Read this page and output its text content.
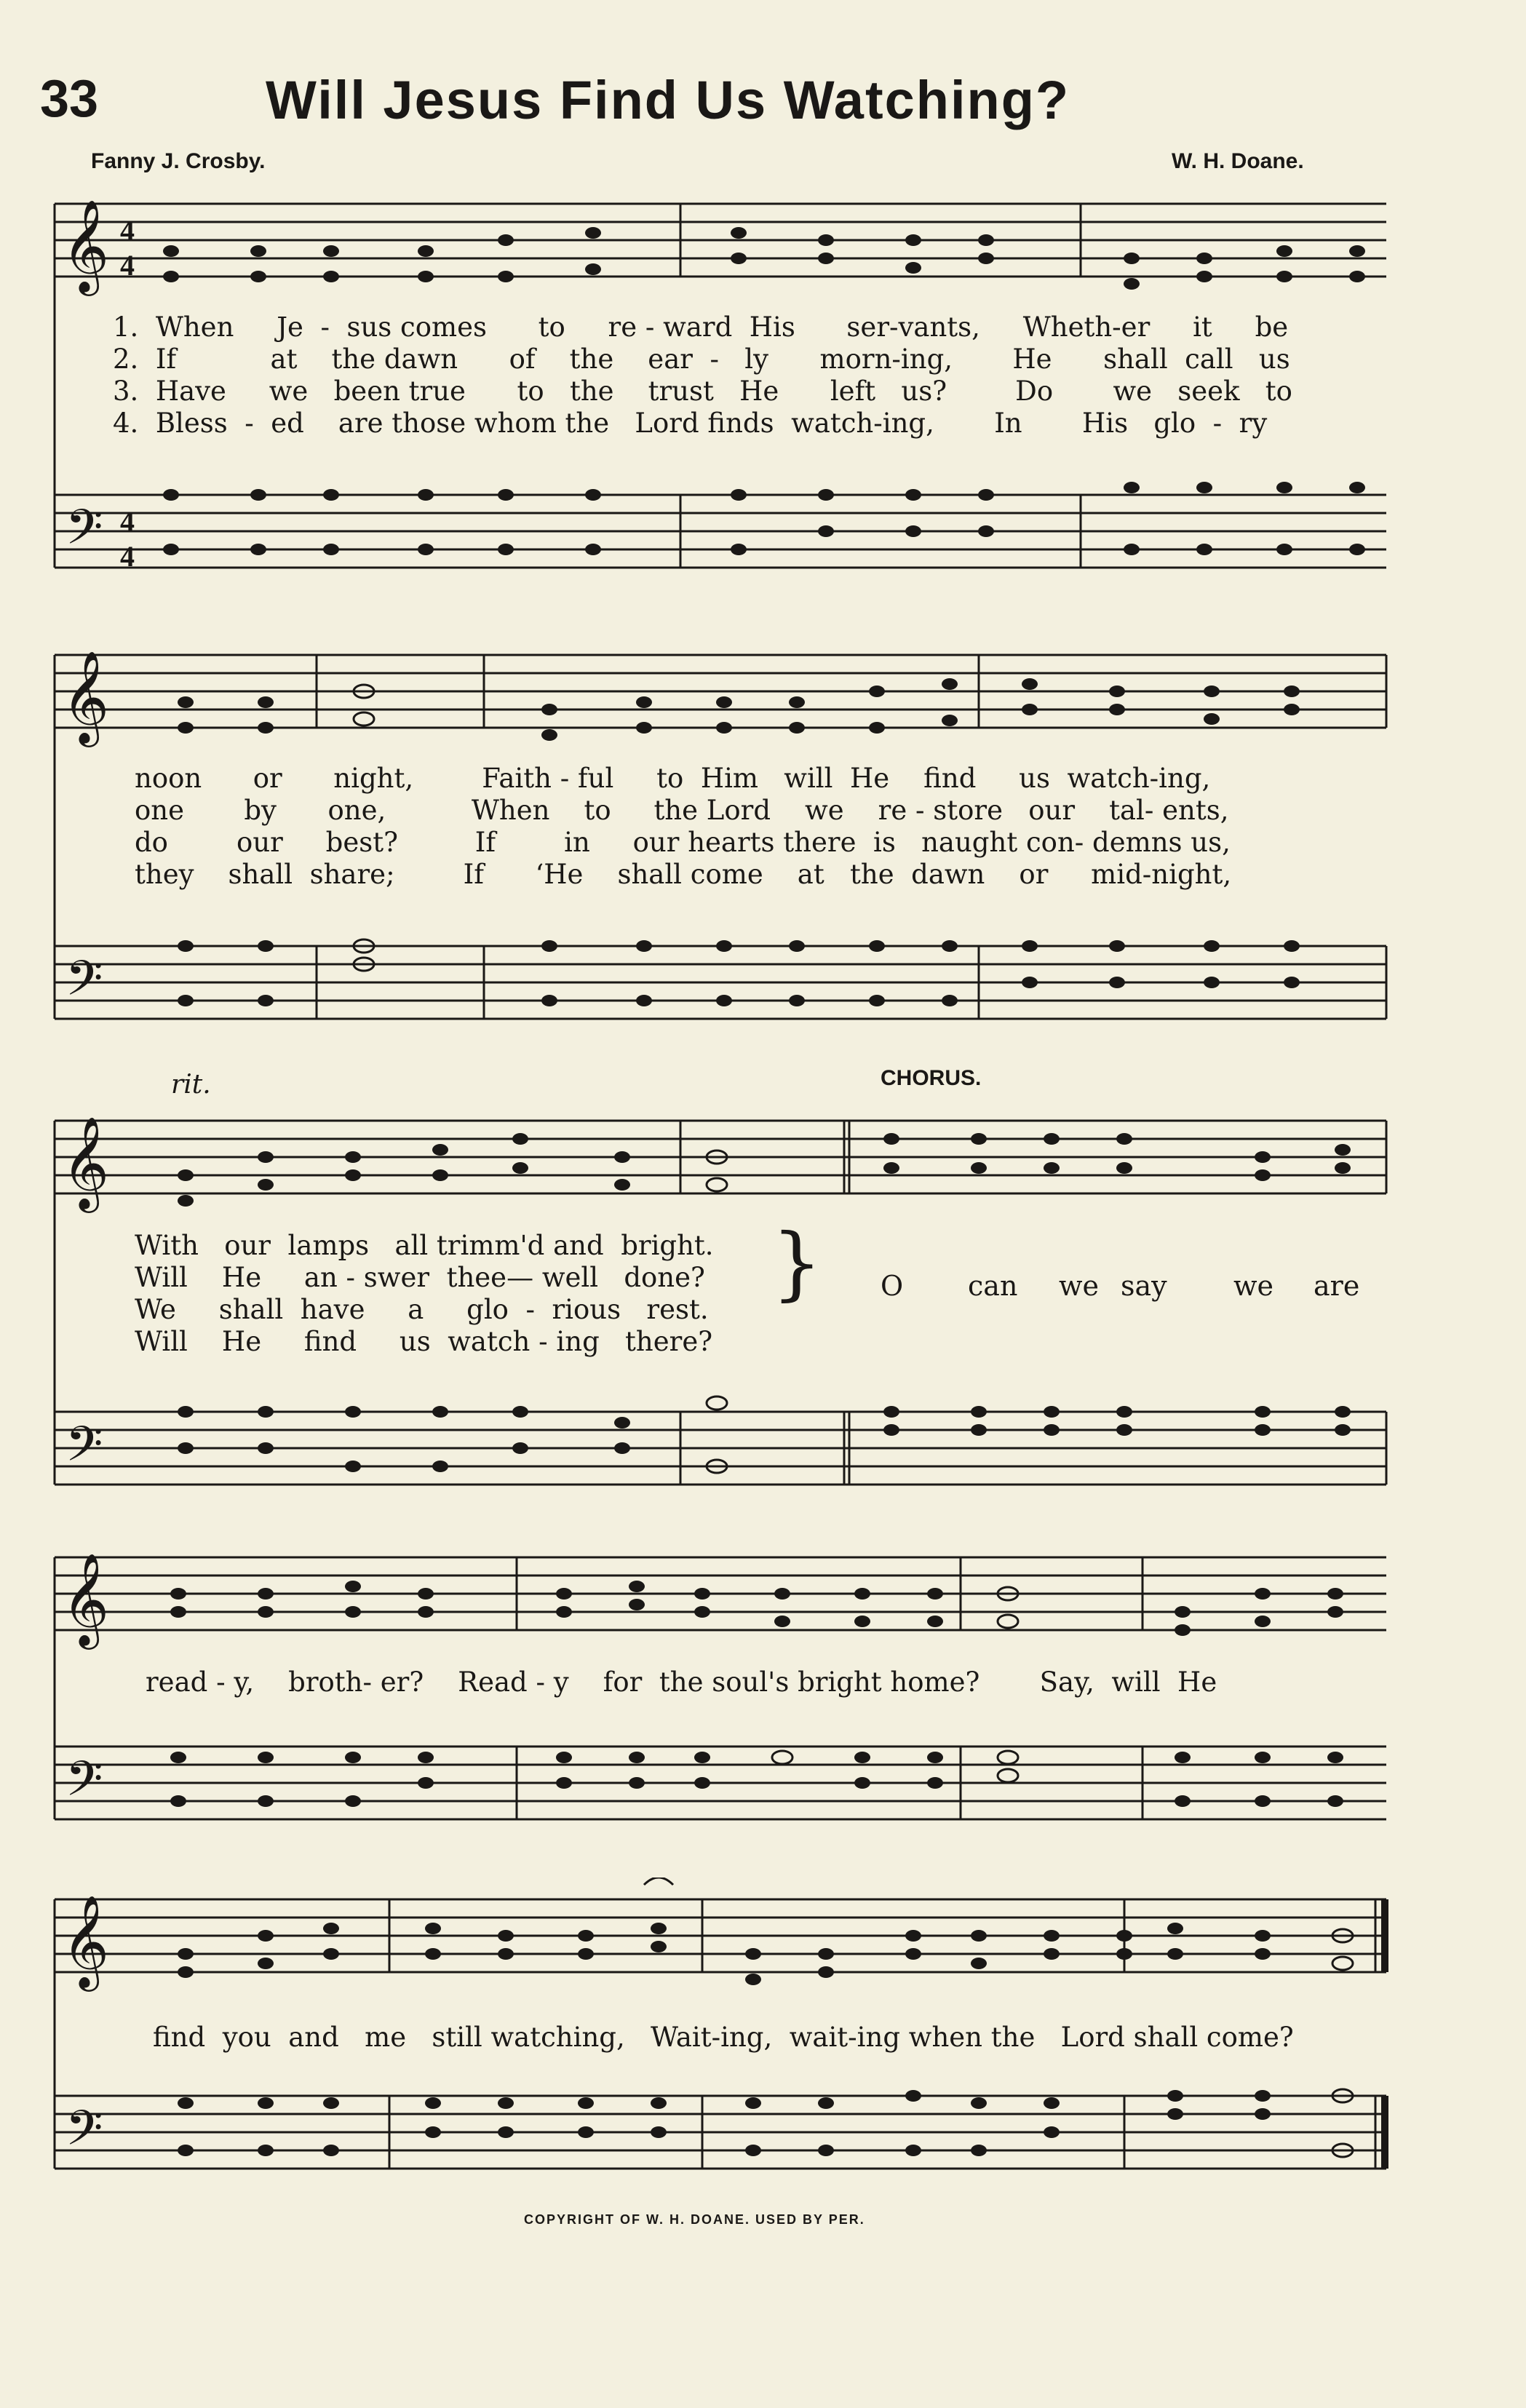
33	Will Jesus Find Us Watching?
Fanny J. Crosby.	W. H. Doane.
𝄞
𝄢
4
4
4
4
1.  When     Je  -  sus comes      to     re - ward  His      ser-vants,     Wheth-er     it     be
2.  If           at    the dawn      of    the    ear  -   ly      morn-ing,       He      shall  call   us
3.  Have     we   been true      to   the    trust   He      left   us?        Do       we   seek   to
4.  Bless  -  ed    are those whom the   Lord finds  watch-ing,       In       His   glo  -  ry
𝄞
𝄢
noon      or      night,        Faith - ful     to  Him   will  He    find     us  watch-ing,
one       by      one,          When    to     the Lord    we    re - store   our    tal- ents,
do        our     best?         If        in     our hearts there  is   naught con- demns us,
they    shall  share;        If      ‘He    shall come    at   the  dawn    or     mid-night,
rit.	CHORUS.
𝄞
𝄢
With   our  lamps   all trimm'd and  bright.
Will    He     an - swer  thee— well   done?
We     shall  have     a     glo  -  rious   rest.
Will    He     find     us  watch - ing   there?
} O can we say we are
𝄞
𝄢
read - y,    broth- er?    Read - y    for  the soul's bright home?       Say,  will  He
𝄞
𝄢
find  you  and   me   still watching,   Wait-ing,  wait-ing when the   Lord shall come?
COPYRIGHT OF W. H. DOANE. USED BY PER.
